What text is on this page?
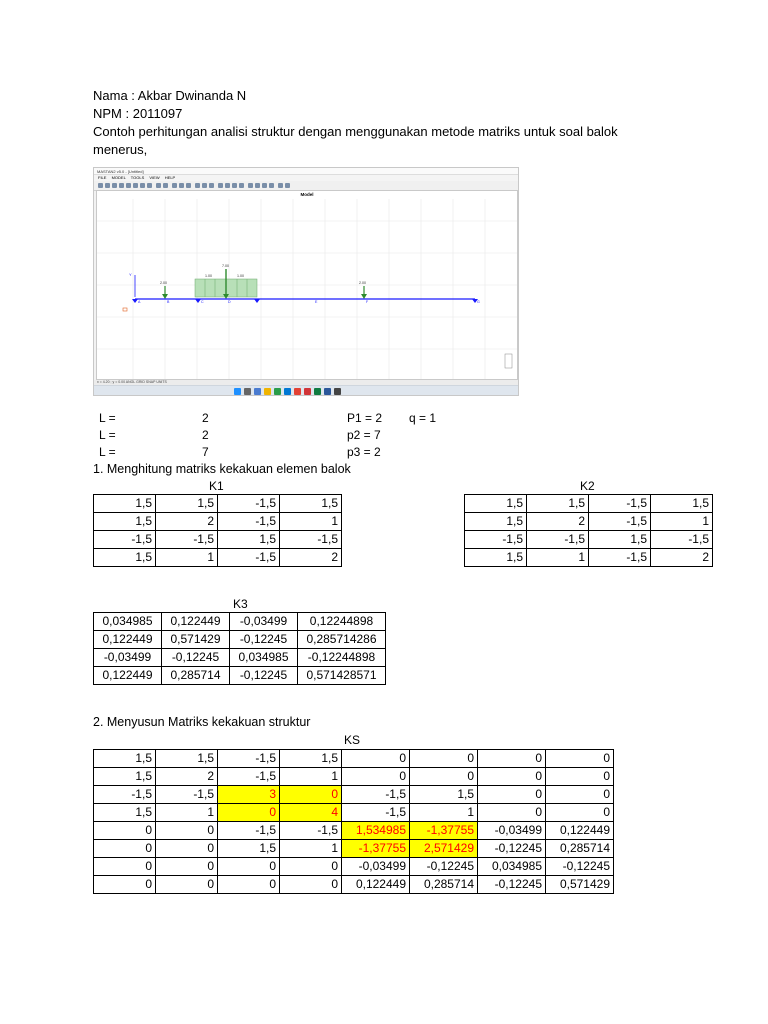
Nama : Akbar Dwinanda N
NPM : 2011097
Contoh perhitungan analisi struktur dengan menggunakan metode matriks untuk soal balok
menerus,
MASTAN2 v5.0 - [Untitled]
FILE MODEL TOOLS VIEW HELP
Model
Y
2.00
1.00
7.00
1.00
2.00
A	B	C	D	E	F	G
x = 4.20 ; y = 0.00 ANGL GRID SNAP UNITS
L =	2	P1 = 2 q = 1
L =	2	p2 = 7
L =	7	p3 = 2
1. Menghitung matriks kekakuan elemen balok
K1
1,5	1,5	-1,5	1,5
1,5	2	-1,5	1
-1,5	-1,5	1,5	-1,5
1,5	1	-1,5	2
K2
1,5	1,5	-1,5	1,5
1,5	2	-1,5	1
-1,5	-1,5	1,5	-1,5
1,5	1	-1,5	2
K3
0,034985	0,122449	-0,03499	0,12244898
0,122449	0,571429	-0,12245	0,285714286
-0,03499	-0,12245	0,034985	-0,12244898
0,122449	0,285714	-0,12245	0,571428571
2. Menyusun Matriks kekakuan struktur
KS
1,5	1,5	-1,5	1,5	0	0	0	0
1,5	2	-1,5	1	0	0	0	0
-1,5	-1,5	3	0	-1,5	1,5	0	0
1,5	1	0	4	-1,5	1	0	0
0	0	-1,5	-1,5	1,534985	-1,37755	-0,03499	0,122449
0	0	1,5	1	-1,37755	2,571429	-0,12245	0,285714
0	0	0	0	-0,03499	-0,12245	0,034985	-0,12245
0	0	0	0	0,122449	0,285714	-0,12245	0,571429
